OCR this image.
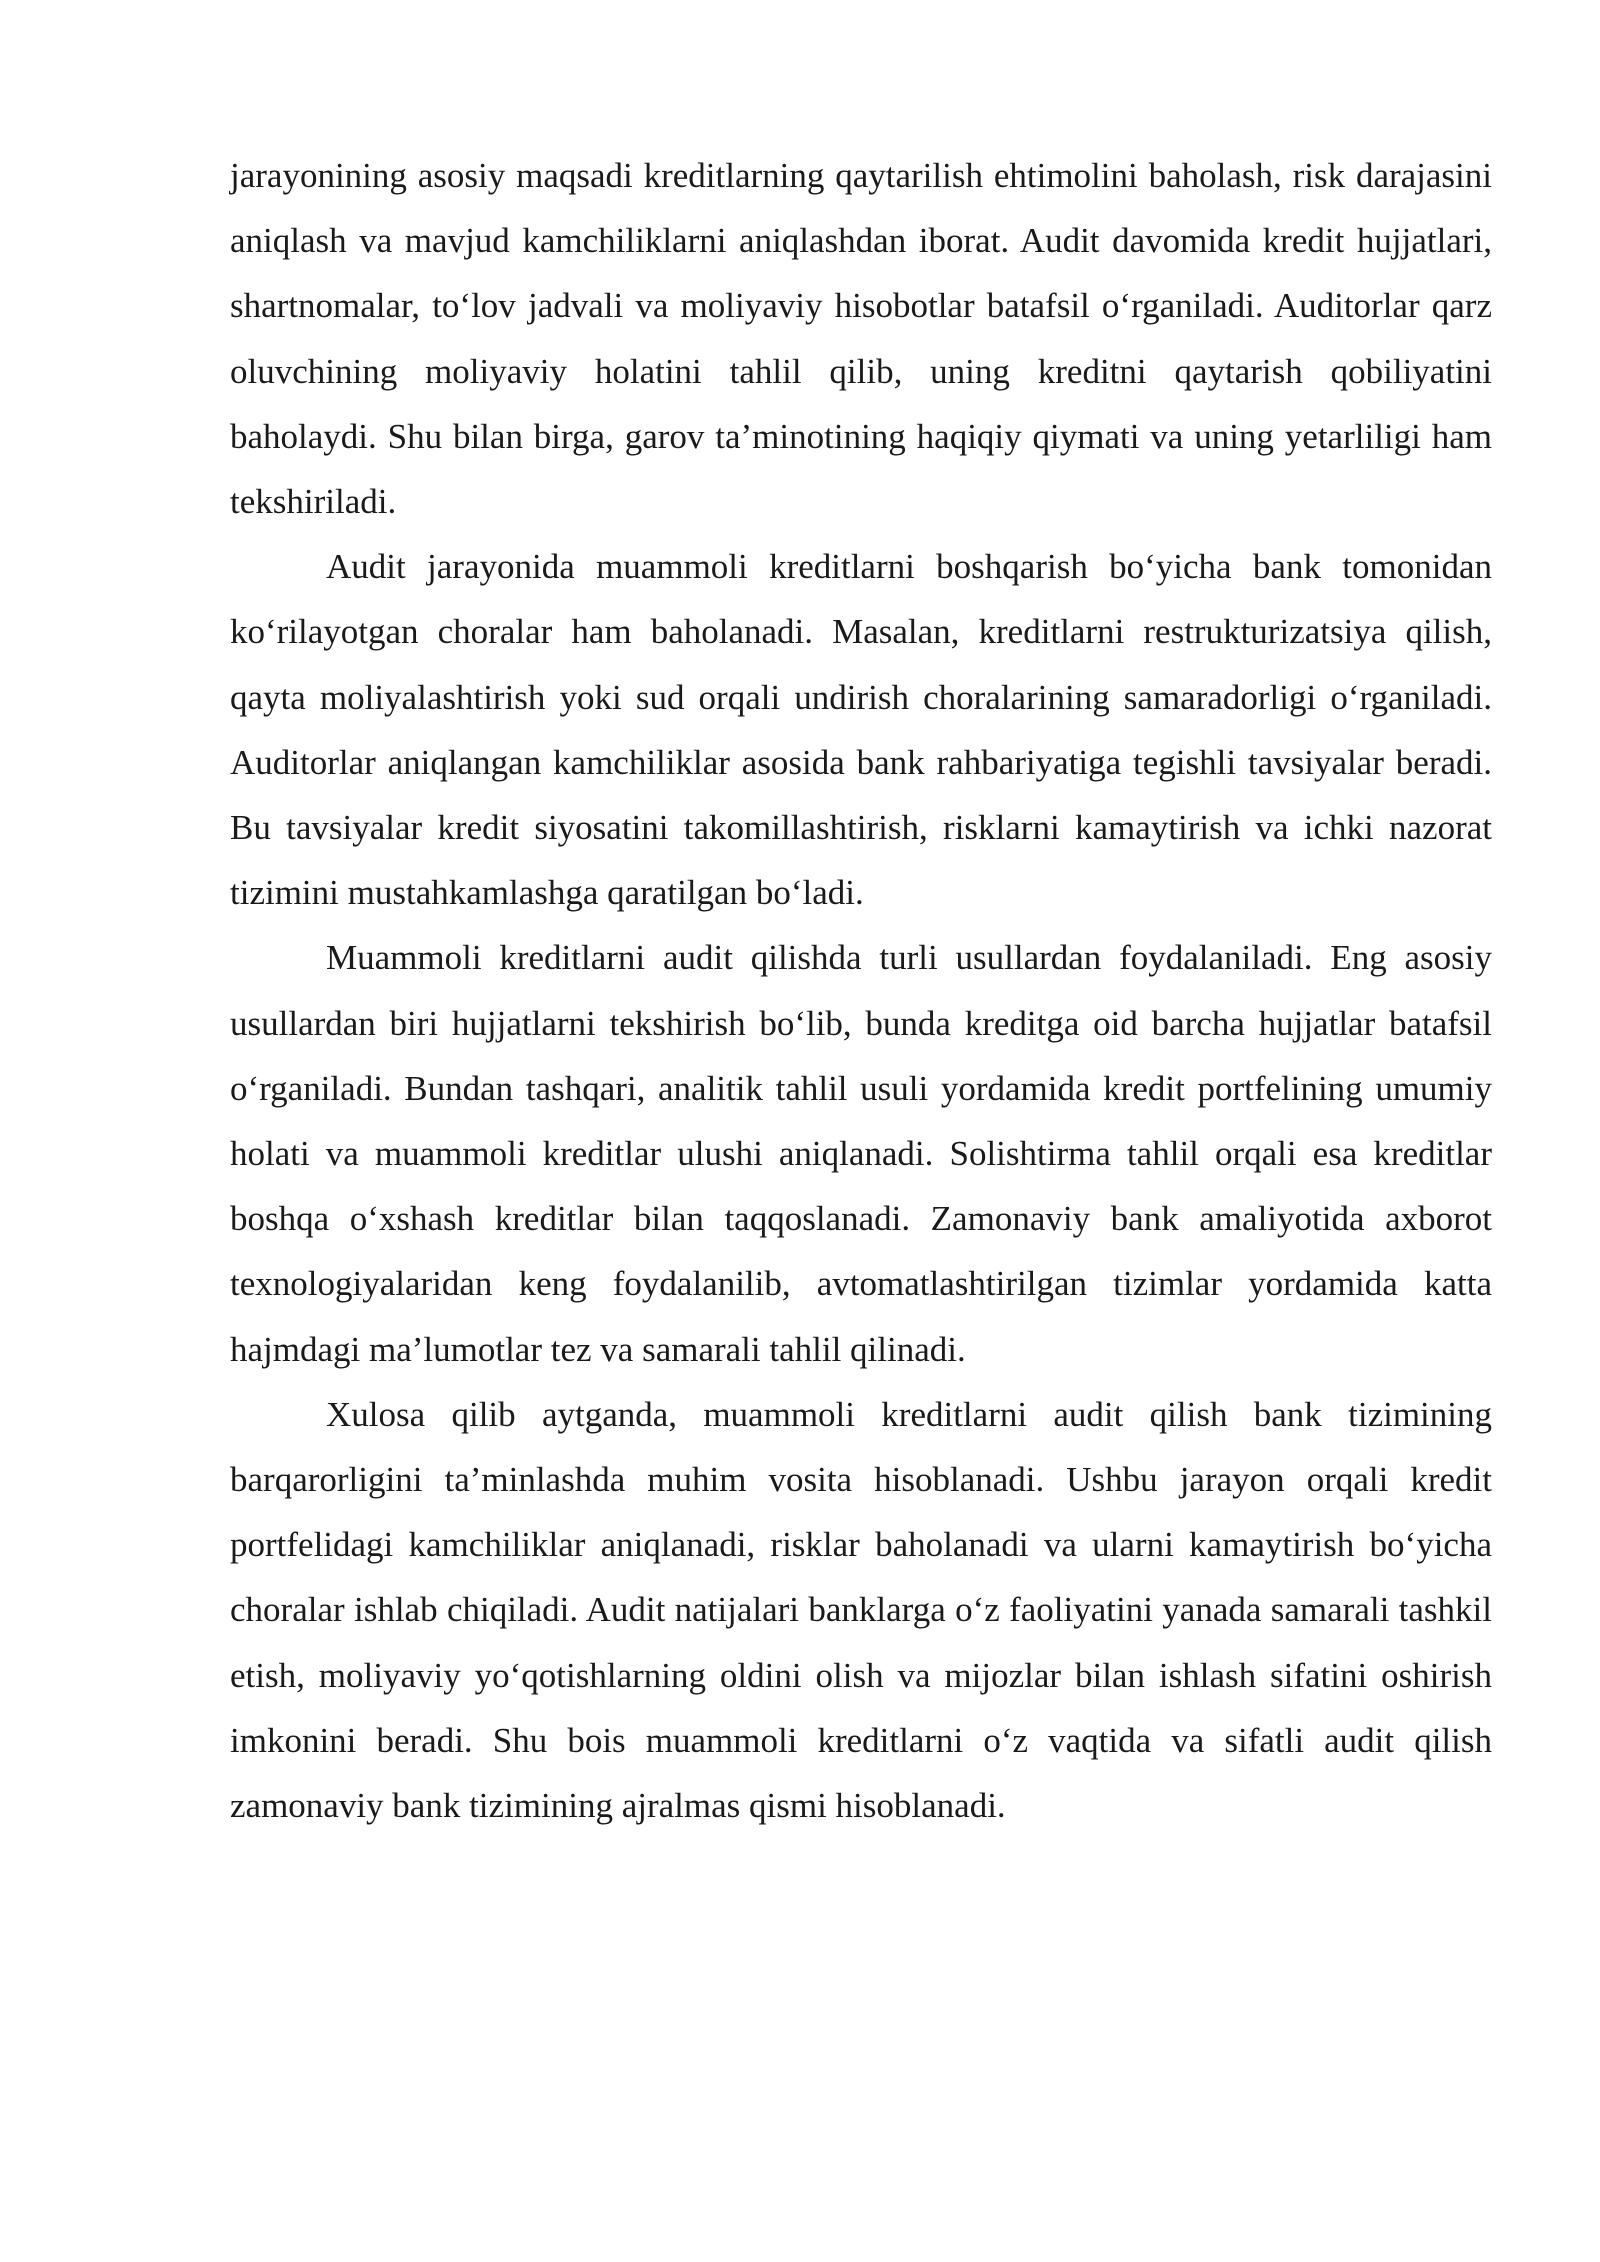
jarayonining asosiy maqsadi kreditlarning qaytarilish ehtimolini baholash, risk darajasini aniqlash va mavjud kamchiliklarni aniqlashdan iborat. Audit davomida kredit hujjatlari, shartnomalar, to‘lov jadvali va moliyaviy hisobotlar batafsil o‘rganiladi. Auditorlar qarz oluvchining moliyaviy holatini tahlil qilib, uning kreditni qaytarish qobiliyatini baholaydi. Shu bilan birga, garov ta’minotining haqiqiy qiymati va uning yetarliligi ham tekshiriladi.

Audit jarayonida muammoli kreditlarni boshqarish bo‘yicha bank tomonidan ko‘rilayotgan choralar ham baholanadi. Masalan, kreditlarni restrukturizatsiya qilish, qayta moliyalashtirish yoki sud orqali undirish choralarining samaradorligi o‘rganiladi. Auditorlar aniqlangan kamchiliklar asosida bank rahbariyatiga tegishli tavsiyalar beradi. Bu tavsiyalar kredit siyosatini takomillashtirish, risklarni kamaytirish va ichki nazorat tizimini mustahkamlashga qaratilgan bo‘ladi.

Muammoli kreditlarni audit qilishda turli usullardan foydalaniladi. Eng asosiy usullardan biri hujjatlarni tekshirish bo‘lib, bunda kreditga oid barcha hujjatlar batafsil o‘rganiladi. Bundan tashqari, analitik tahlil usuli yordamida kredit portfelining umumiy holati va muammoli kreditlar ulushi aniqlanadi. Solishtirma tahlil orqali esa kreditlar boshqa o‘xshash kreditlar bilan taqqoslanadi. Zamonaviy bank amaliyotida axborot texnologiyalaridan keng foydalanilib, avtomatlashtirilgan tizimlar yordamida katta hajmdagi ma’lumotlar tez va samarali tahlil qilinadi.

Xulosa qilib aytganda, muammoli kreditlarni audit qilish bank tizimining barqarorligini ta’minlashda muhim vosita hisoblanadi. Ushbu jarayon orqali kredit portfelidagi kamchiliklar aniqlanadi, risklar baholanadi va ularni kamaytirish bo‘yicha choralar ishlab chiqiladi. Audit natijalari banklarga o‘z faoliyatini yanada samarali tashkil etish, moliyaviy yo‘qotishlarning oldini olish va mijozlar bilan ishlash sifatini oshirish imkonini beradi. Shu bois muammoli kreditlarni o‘z vaqtida va sifatli audit qilish zamonaviy bank tizimining ajralmas qismi hisoblanadi.
